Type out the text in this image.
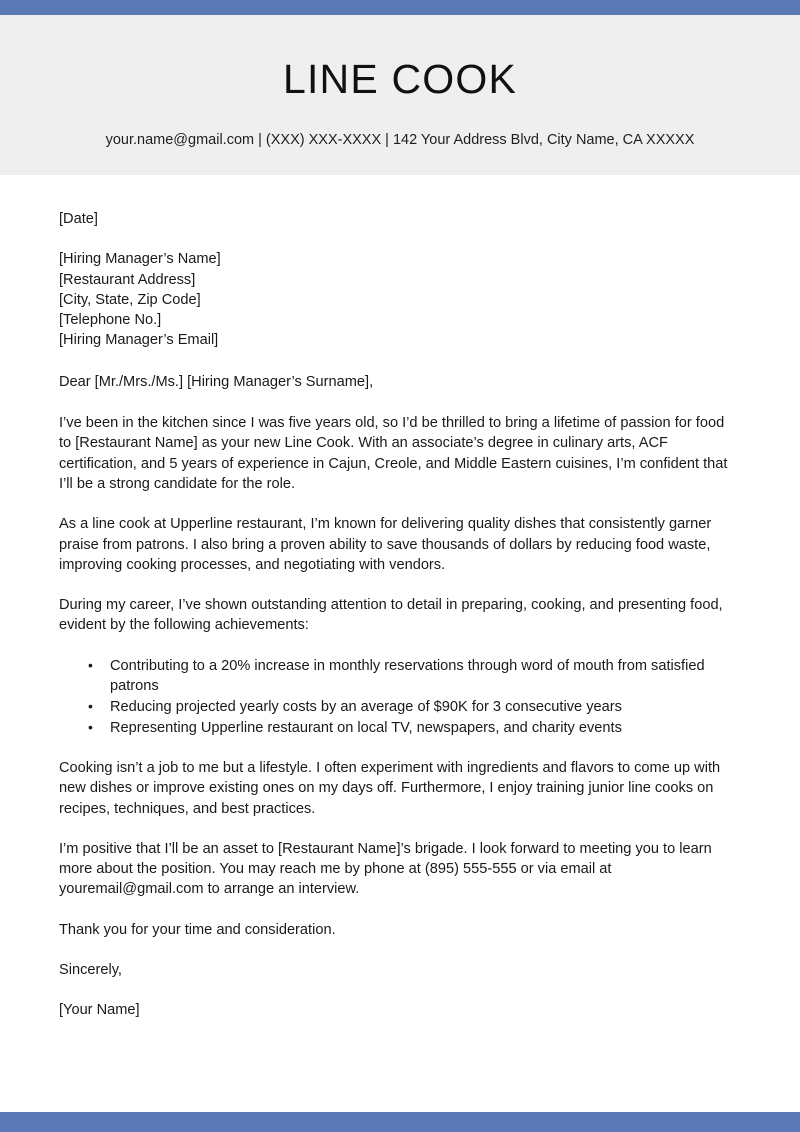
LINE COOK
your.name@gmail.com | (XXX) XXX-XXXX | 142 Your Address Blvd, City Name, CA XXXXX
[Date]
[Hiring Manager’s Name]
[Restaurant Address]
[City, State, Zip Code]
[Telephone No.]
[Hiring Manager’s Email]
Dear [Mr./Mrs./Ms.] [Hiring Manager’s Surname],

I’ve been in the kitchen since I was five years old, so I’d be thrilled to bring a lifetime of passion for food to [Restaurant Name] as your new Line Cook. With an associate’s degree in culinary arts, ACF certification, and 5 years of experience in Cajun, Creole, and Middle Eastern cuisines, I’m confident that I’ll be a strong candidate for the role.

As a line cook at Upperline restaurant, I’m known for delivering quality dishes that consistently garner praise from patrons. I also bring a proven ability to save thousands of dollars by reducing food waste, improving cooking processes, and negotiating with vendors.

During my career, I’ve shown outstanding attention to detail in preparing, cooking, and presenting food, evident by the following achievements:

• Contributing to a 20% increase in monthly reservations through word of mouth from satisfied patrons
• Reducing projected yearly costs by an average of $90K for 3 consecutive years
• Representing Upperline restaurant on local TV, newspapers, and charity events

Cooking isn’t a job to me but a lifestyle. I often experiment with ingredients and flavors to come up with new dishes or improve existing ones on my days off. Furthermore, I enjoy training junior line cooks on recipes, techniques, and best practices.

I’m positive that I’ll be an asset to [Restaurant Name]’s brigade. I look forward to meeting you to learn more about the position. You may reach me by phone at (895) 555-555 or via email at youremail@gmail.com to arrange an interview.

Thank you for your time and consideration.
Sincerely,
[Your Name]
